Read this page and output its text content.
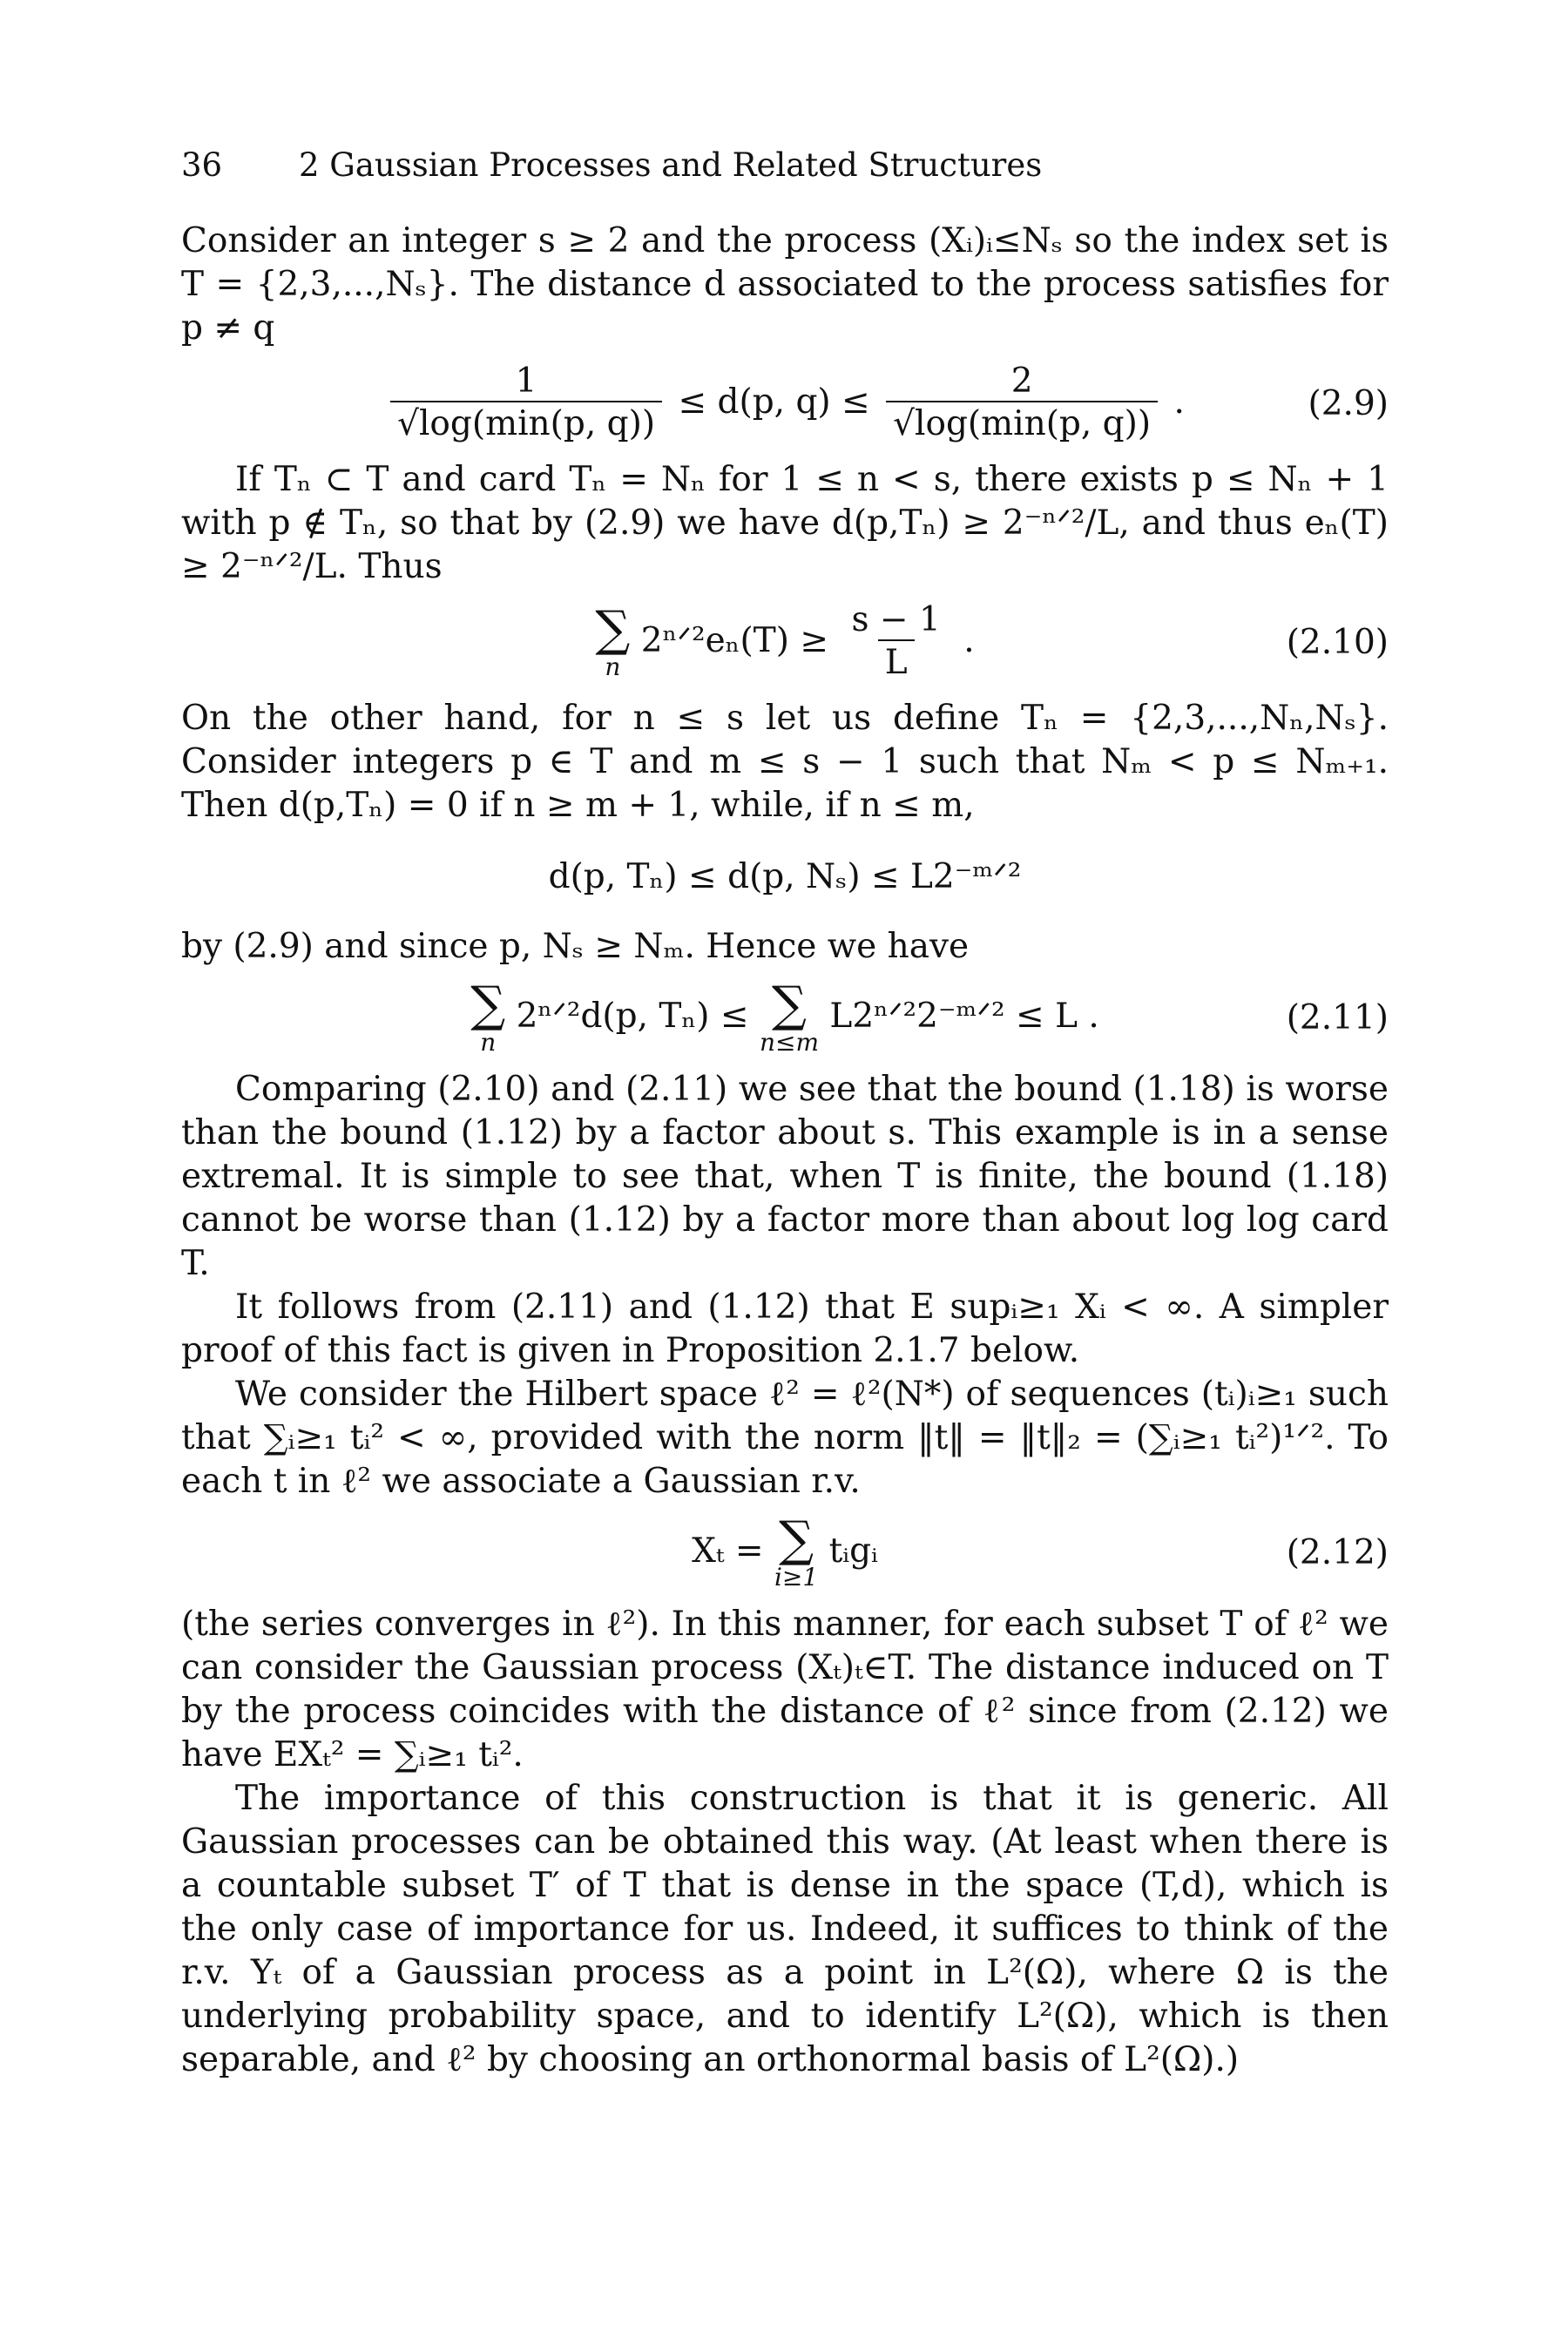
36 2 Gaussian Processes and Related Structures

Consider an integer s ≥ 2 and the process (Xᵢ)ᵢ≤Nₛ so the index set is T = {2,3,...,Nₛ}. The distance d associated to the process satisfies for p ≠ q

$\frac{1}{√\log(\min(p, q))} \le d(p$, $q) \le \frac{2}{√\log(\min(p, q))}$ .	(2.9)

If Tₙ ⊂ T and card Tₙ = Nₙ for 1 ≤ n < s, there exists p ≤ Nₙ + 1 with p ∉ Tₙ, so that by (2.9) we have d(p,Tₙ) ≥ 2⁻ⁿᐟ²/L, and thus eₙ(T) ≥ 2⁻ⁿᐟ²/L. Thus

∑
n
2ⁿᐟ²eₙ(T) ≥ $\frac{s - 1}{L}$ .	(2.10)

On the other hand, for n ≤ s let us define Tₙ = {2,3,...,Nₙ,Nₛ}. Consider integers p ∈ T and m ≤ s − 1 such that Nₘ < p ≤ Nₘ₊₁. Then d(p,Tₙ) = 0 if n ≥ m + 1, while, if n ≤ m,

d(p, Tₙ) ≤ d(p, Nₛ) ≤ L2⁻ᵐᐟ²

by (2.9) and since p, Nₛ ≥ Nₘ. Hence we have

∑
n
2ⁿᐟ²d(p, Tₙ) ≤ ∑
n≤m
L2ⁿᐟ²2⁻ᵐᐟ² ≤ L .	(2.11)

Comparing (2.10) and (2.11) we see that the bound (1.18) is worse than the bound (1.12) by a factor about s. This example is in a sense extremal. It is simple to see that, when T is finite, the bound (1.18) cannot be worse than (1.12) by a factor more than about log log card T.

It follows from (2.11) and (1.12) that E supᵢ≥₁ Xᵢ < ∞. A simpler proof of this fact is given in Proposition 2.1.7 below.

We consider the Hilbert space ℓ² = ℓ²(N*) of sequences (tᵢ)ᵢ≥₁ such that ∑ᵢ≥₁ tᵢ² < ∞, provided with the norm ‖t‖ = ‖t‖₂ = (∑ᵢ≥₁ tᵢ²)¹ᐟ². To each t in ℓ² we associate a Gaussian r.v.

Xₜ = ∑
i≥1
tᵢgᵢ	(2.12)

(the series converges in ℓ²). In this manner, for each subset T of ℓ² we can consider the Gaussian process (Xₜ)ₜ∈T. The distance induced on T by the process coincides with the distance of ℓ² since from (2.12) we have EXₜ² = ∑ᵢ≥₁ tᵢ².

The importance of this construction is that it is generic. All Gaussian processes can be obtained this way. (At least when there is a countable subset T′ of T that is dense in the space (T,d), which is the only case of importance for us. Indeed, it suffices to think of the r.v. Yₜ of a Gaussian process as a point in L²(Ω), where Ω is the underlying probability space, and to identify L²(Ω), which is then separable, and ℓ² by choosing an orthonormal basis of L²(Ω).)
